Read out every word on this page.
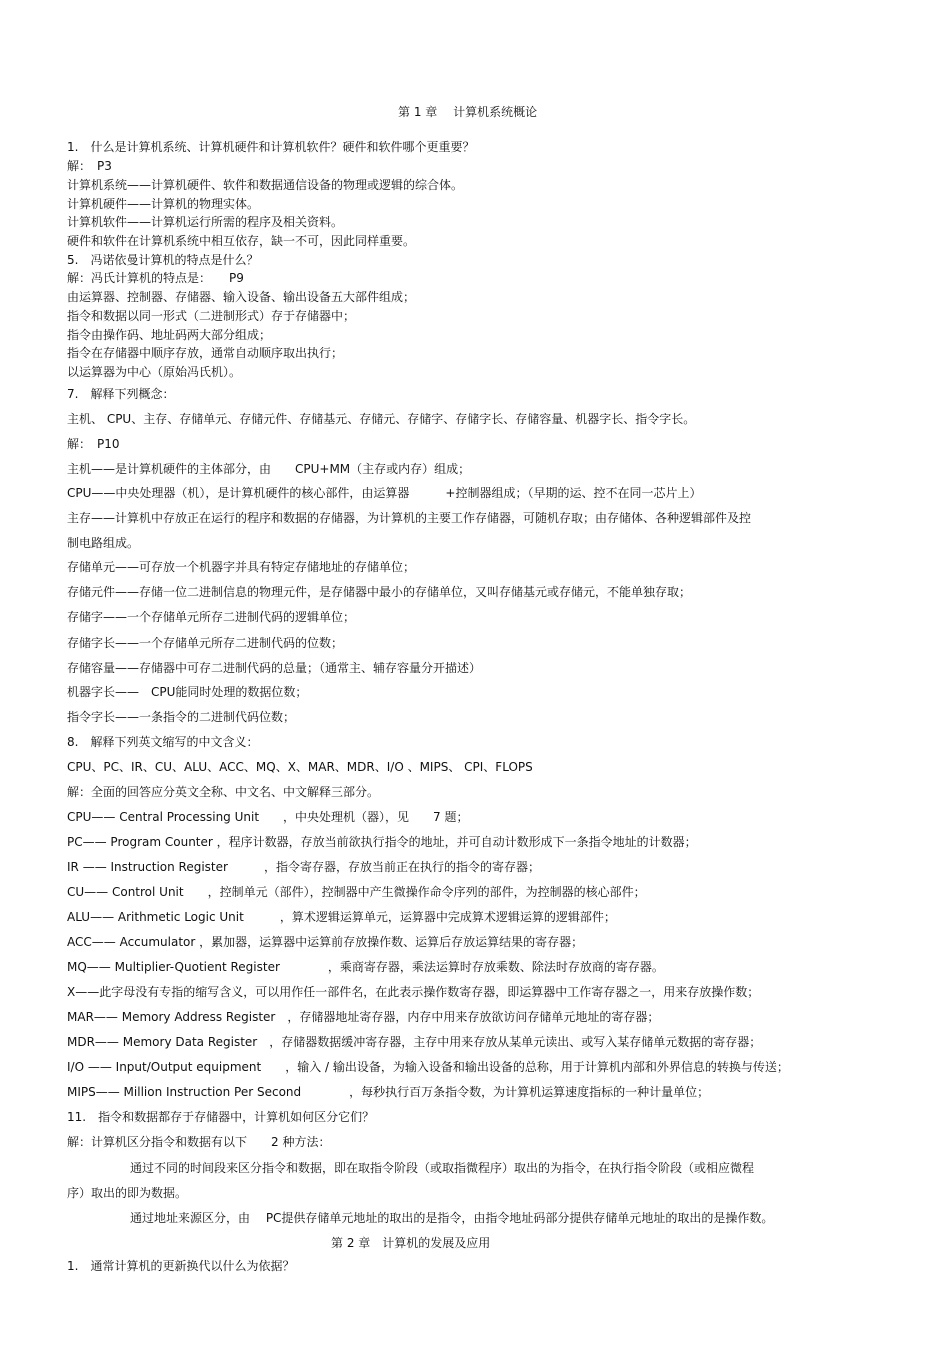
第 1 章　 计算机系统概论
1.　什么是计算机系统、计算机硬件和计算机软件？硬件和软件哪个更重要？
解：　P3
计算机系统——计算机硬件、软件和数据通信设备的物理或逻辑的综合体。
计算机硬件——计算机的物理实体。
计算机软件——计算机运行所需的程序及相关资料。
硬件和软件在计算机系统中相互依存，缺一不可，因此同样重要。
5.　冯诺依曼计算机的特点是什么？
解：冯氏计算机的特点是：　　P9
由运算器、控制器、存储器、输入设备、输出设备五大部件组成；
指令和数据以同一形式（二进制形式）存于存储器中；
指令由操作码、地址码两大部分组成；
指令在存储器中顺序存放，通常自动顺序取出执行；
以运算器为中心（原始冯氏机）。
7.　解释下列概念：
主机、 CPU、主存、存储单元、存储元件、存储基元、存储元、存储字、存储字长、存储容量、机器字长、指令字长。
解：　P10
主机——是计算机硬件的主体部分，由　　CPU+MM（主存或内存）组成；
CPU——中央处理器（机），是计算机硬件的核心部件，由运算器　　　+控制器组成；（早期的运、控不在同一芯片上）
主存——计算机中存放正在运行的程序和数据的存储器，为计算机的主要工作存储器，可随机存取；由存储体、各种逻辑部件及控
制电路组成。
存储单元——可存放一个机器字并具有特定存储地址的存储单位；
存储元件——存储一位二进制信息的物理元件，是存储器中最小的存储单位，又叫存储基元或存储元，不能单独存取；
存储字——一个存储单元所存二进制代码的逻辑单位；
存储字长——一个存储单元所存二进制代码的位数；
存储容量——存储器中可存二进制代码的总量；（通常主、辅存容量分开描述）
机器字长——　CPU能同时处理的数据位数；
指令字长——一条指令的二进制代码位数；
8.　解释下列英文缩写的中文含义：
CPU、PC、IR、CU、ALU、ACC、MQ、X、MAR、MDR、I/O 、MIPS、 CPI、FLOPS
解：全面的回答应分英文全称、中文名、中文解释三部分。
CPU—— Central Processing Unit　　，中央处理机（器），见　　7 题；
PC—— Program Counter ，程序计数器，存放当前欲执行指令的地址，并可自动计数形成下一条指令地址的计数器；
IR —— Instruction Register　　　，指令寄存器，存放当前正在执行的指令的寄存器；
CU—— Control Unit　　，控制单元（部件），控制器中产生微操作命令序列的部件，为控制器的核心部件；
ALU—— Arithmetic Logic Unit　　　，算术逻辑运算单元，运算器中完成算术逻辑运算的逻辑部件；
ACC—— Accumulator ，累加器，运算器中运算前存放操作数、运算后存放运算结果的寄存器；
MQ—— Multiplier-Quotient Register　　　　，乘商寄存器，乘法运算时存放乘数、除法时存放商的寄存器。
X——此字母没有专指的缩写含义，可以用作任一部件名，在此表示操作数寄存器，即运算器中工作寄存器之一，用来存放操作数；
MAR—— Memory Address Register　，存储器地址寄存器，内存中用来存放欲访问存储单元地址的寄存器；
MDR—— Memory Data Register　，存储器数据缓冲寄存器，主存中用来存放从某单元读出、或写入某存储单元数据的寄存器；
I/O —— Input/Output equipment　　，输入 / 输出设备，为输入设备和输出设备的总称，用于计算机内部和外界信息的转换与传送；
MIPS—— Million Instruction Per Second　　　　，每秒执行百万条指令数，为计算机运算速度指标的一种计量单位；
11.　指令和数据都存于存储器中，计算机如何区分它们？
解：计算机区分指令和数据有以下　　2 种方法：
通过不同的时间段来区分指令和数据，即在取指令阶段（或取指微程序）取出的为指令，在执行指令阶段（或相应微程
序）取出的即为数据。
通过地址来源区分，由　 PC提供存储单元地址的取出的是指令，由指令地址码部分提供存储单元地址的取出的是操作数。
第 2 章　计算机的发展及应用
1.　通常计算机的更新换代以什么为依据？
